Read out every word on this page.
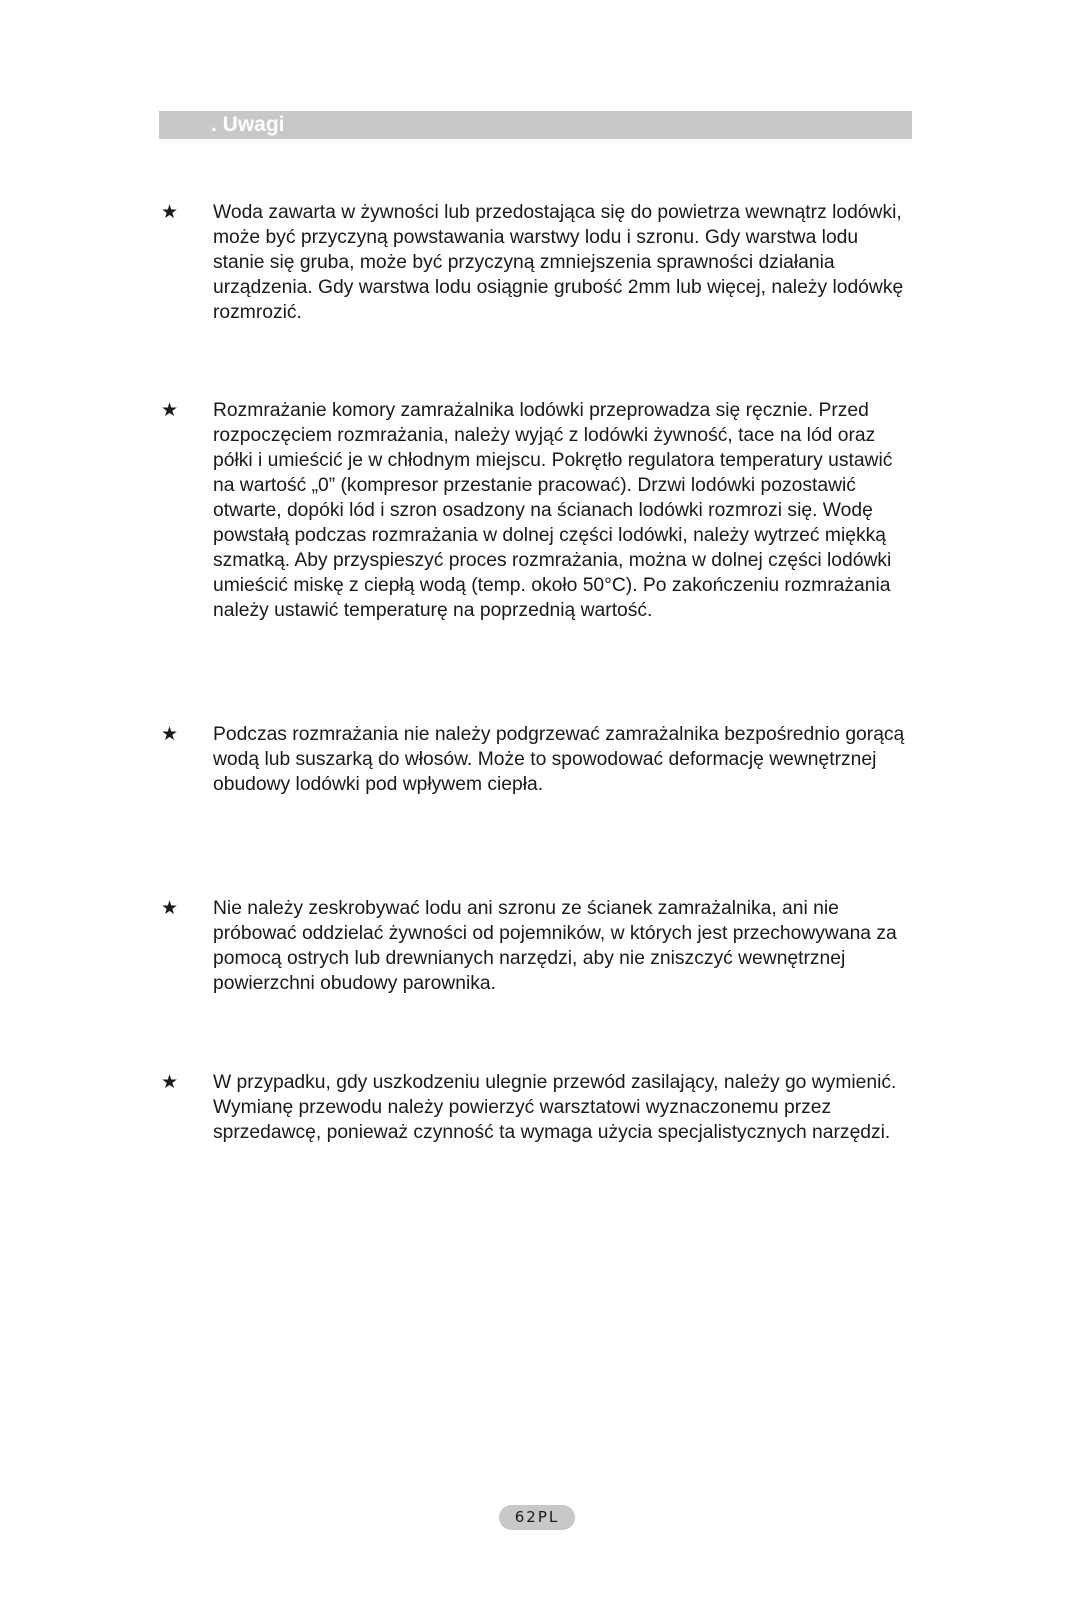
. Uwagi
★ Woda zawarta w żywności lub przedostająca się do powietrza wewnątrz lodówki, może być przyczyną powstawania warstwy lodu i szronu. Gdy warstwa lodu stanie się gruba, może być przyczyną zmniejszenia sprawności działania urządzenia. Gdy warstwa lodu osiągnie grubość 2mm lub więcej, należy lodówkę rozmrozić.

★ Rozmrażanie komory zamrażalnika lodówki przeprowadza się ręcznie. Przed rozpoczęciem rozmrażania, należy wyjąć z lodówki żywność, tace na lód oraz półki i umieścić je w chłodnym miejscu. Pokrętło regulatora temperatury ustawić na wartość „0” (kompresor przestanie pracować). Drzwi lodówki pozostawić otwarte, dopóki lód i szron osadzony na ścianach lodówki rozmrozi się. Wodę powstałą podczas rozmrażania w dolnej części lodówki, należy wytrzeć miękką szmatką. Aby przyspieszyć proces rozmrażania, można w dolnej części lodówki umieścić miskę z ciepłą wodą (temp. około 50°C). Po zakończeniu rozmrażania należy ustawić temperaturę na poprzednią wartość.

★ Podczas rozmrażania nie należy podgrzewać zamrażalnika bezpośrednio gorącą wodą lub suszarką do włosów. Może to spowodować deformację wewnętrznej obudowy lodówki pod wpływem ciepła.

★ Nie należy zeskrobywać lodu ani szronu ze ścianek zamrażalnika, ani nie próbować oddzielać żywności od pojemników, w których jest przechowywana za pomocą ostrych lub drewnianych narzędzi, aby nie zniszczyć wewnętrznej powierzchni obudowy parownika.

★ W przypadku, gdy uszkodzeniu ulegnie przewód zasilający, należy go wymienić. Wymianę przewodu należy powierzyć warsztatowi wyznaczonemu przez sprzedawcę, ponieważ czynność ta wymaga użycia specjalistycznych narzędzi.

62PL
